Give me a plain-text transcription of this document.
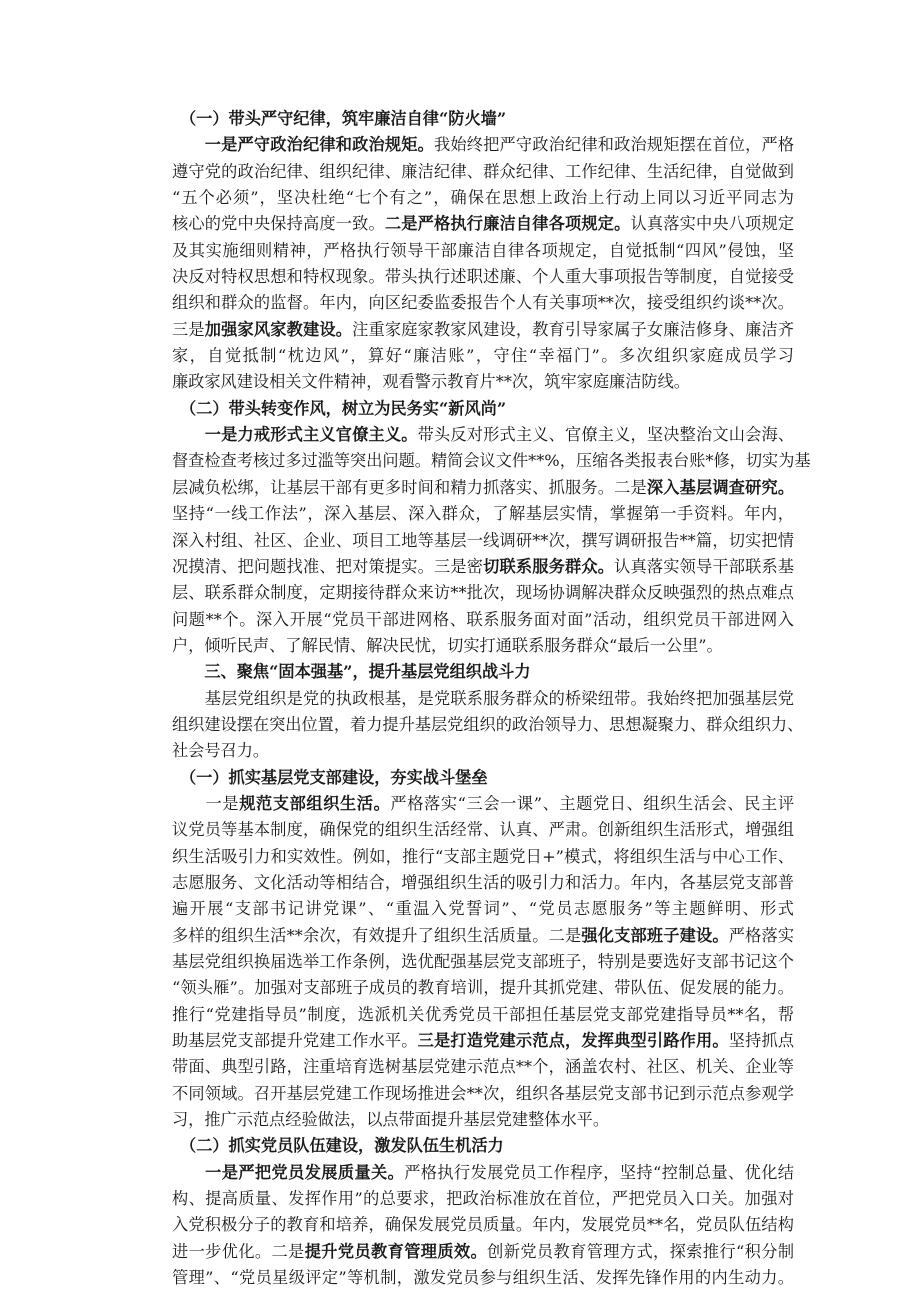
（一）带头严守纪律，筑牢廉洁自律“防火墙”
　　一是严守政治纪律和政治规矩。我始终把严守政治纪律和政治规矩摆在首位，严格
遵守党的政治纪律、组织纪律、廉洁纪律、群众纪律、工作纪律、生活纪律，自觉做到
“五个必须”，坚决杜绝“七个有之”，确保在思想上政治上行动上同以习近平同志为
核心的党中央保持高度一致。二是严格执行廉洁自律各项规定。认真落实中央八项规定
及其实施细则精神，严格执行领导干部廉洁自律各项规定，自觉抵制“四风”侵蚀，坚
决反对特权思想和特权现象。带头执行述职述廉、个人重大事项报告等制度，自觉接受
组织和群众的监督。年内，向区纪委监委报告个人有关事项**次，接受组织约谈**次。
三是加强家风家教建设。注重家庭家教家风建设，教育引导家属子女廉洁修身、廉洁齐
家，自觉抵制“枕边风”，算好“廉洁账”，守住“幸福门”。多次组织家庭成员学习
廉政家风建设相关文件精神，观看警示教育片**次，筑牢家庭廉洁防线。
（二）带头转变作风，树立为民务实“新风尚”
　　一是力戒形式主义官僚主义。带头反对形式主义、官僚主义，坚决整治文山会海、
督查检查考核过多过滥等突出问题。精简会议文件**%，压缩各类报表台账*修，切实为基
层减负松绑，让基层干部有更多时间和精力抓落实、抓服务。二是深入基层调查研究。
坚持“一线工作法”，深入基层、深入群众，了解基层实情，掌握第一手资料。年内，
深入村组、社区、企业、项目工地等基层一线调研**次，撰写调研报告**篇，切实把情
况摸清、把问题找准、把对策提实。三是密切联系服务群众。认真落实领导干部联系基
层、联系群众制度，定期接待群众来访**批次，现场协调解决群众反映强烈的热点难点
问题**个。深入开展“党员干部进网格、联系服务面对面”活动，组织党员干部进网入
户，倾听民声、了解民情、解决民忧，切实打通联系服务群众“最后一公里”。
　　三、聚焦“固本强基”，提升基层党组织战斗力
　　基层党组织是党的执政根基，是党联系服务群众的桥梁纽带。我始终把加强基层党
组织建设摆在突出位置，着力提升基层党组织的政治领导力、思想凝聚力、群众组织力、
社会号召力。
（一）抓实基层党支部建设，夯实战斗堡垒
　　一是规范支部组织生活。严格落实“三会一课”、主题党日、组织生活会、民主评
议党员等基本制度，确保党的组织生活经常、认真、严肃。创新组织生活形式，增强组
织生活吸引力和实效性。例如，推行“支部主题党日+”模式，将组织生活与中心工作、
志愿服务、文化活动等相结合，增强组织生活的吸引力和活力。年内，各基层党支部普
遍开展“支部书记讲党课”、“重温入党誓词”、“党员志愿服务”等主题鲜明、形式
多样的组织生活**余次，有效提升了组织生活质量。二是强化支部班子建设。严格落实
基层党组织换届选举工作条例，选优配强基层党支部班子，特别是要选好支部书记这个
“领头雁”。加强对支部班子成员的教育培训，提升其抓党建、带队伍、促发展的能力。
推行“党建指导员”制度，选派机关优秀党员干部担任基层党支部党建指导员**名，帮
助基层党支部提升党建工作水平。三是打造党建示范点，发挥典型引路作用。坚持抓点
带面、典型引路，注重培育选树基层党建示范点**个，涵盖农村、社区、机关、企业等
不同领域。召开基层党建工作现场推进会**次，组织各基层党支部书记到示范点参观学
习，推广示范点经验做法，以点带面提升基层党建整体水平。
（二）抓实党员队伍建设，激发队伍生机活力
　　一是严把党员发展质量关。严格执行发展党员工作程序，坚持“控制总量、优化结
构、提高质量、发挥作用”的总要求，把政治标准放在首位，严把党员入口关。加强对
入党积极分子的教育和培养，确保发展党员质量。年内，发展党员**名，党员队伍结构
进一步优化。二是提升党员教育管理质效。创新党员教育管理方式，探索推行“积分制
管理”、“党员星级评定”等机制，激发党员参与组织生活、发挥先锋作用的内生动力。
